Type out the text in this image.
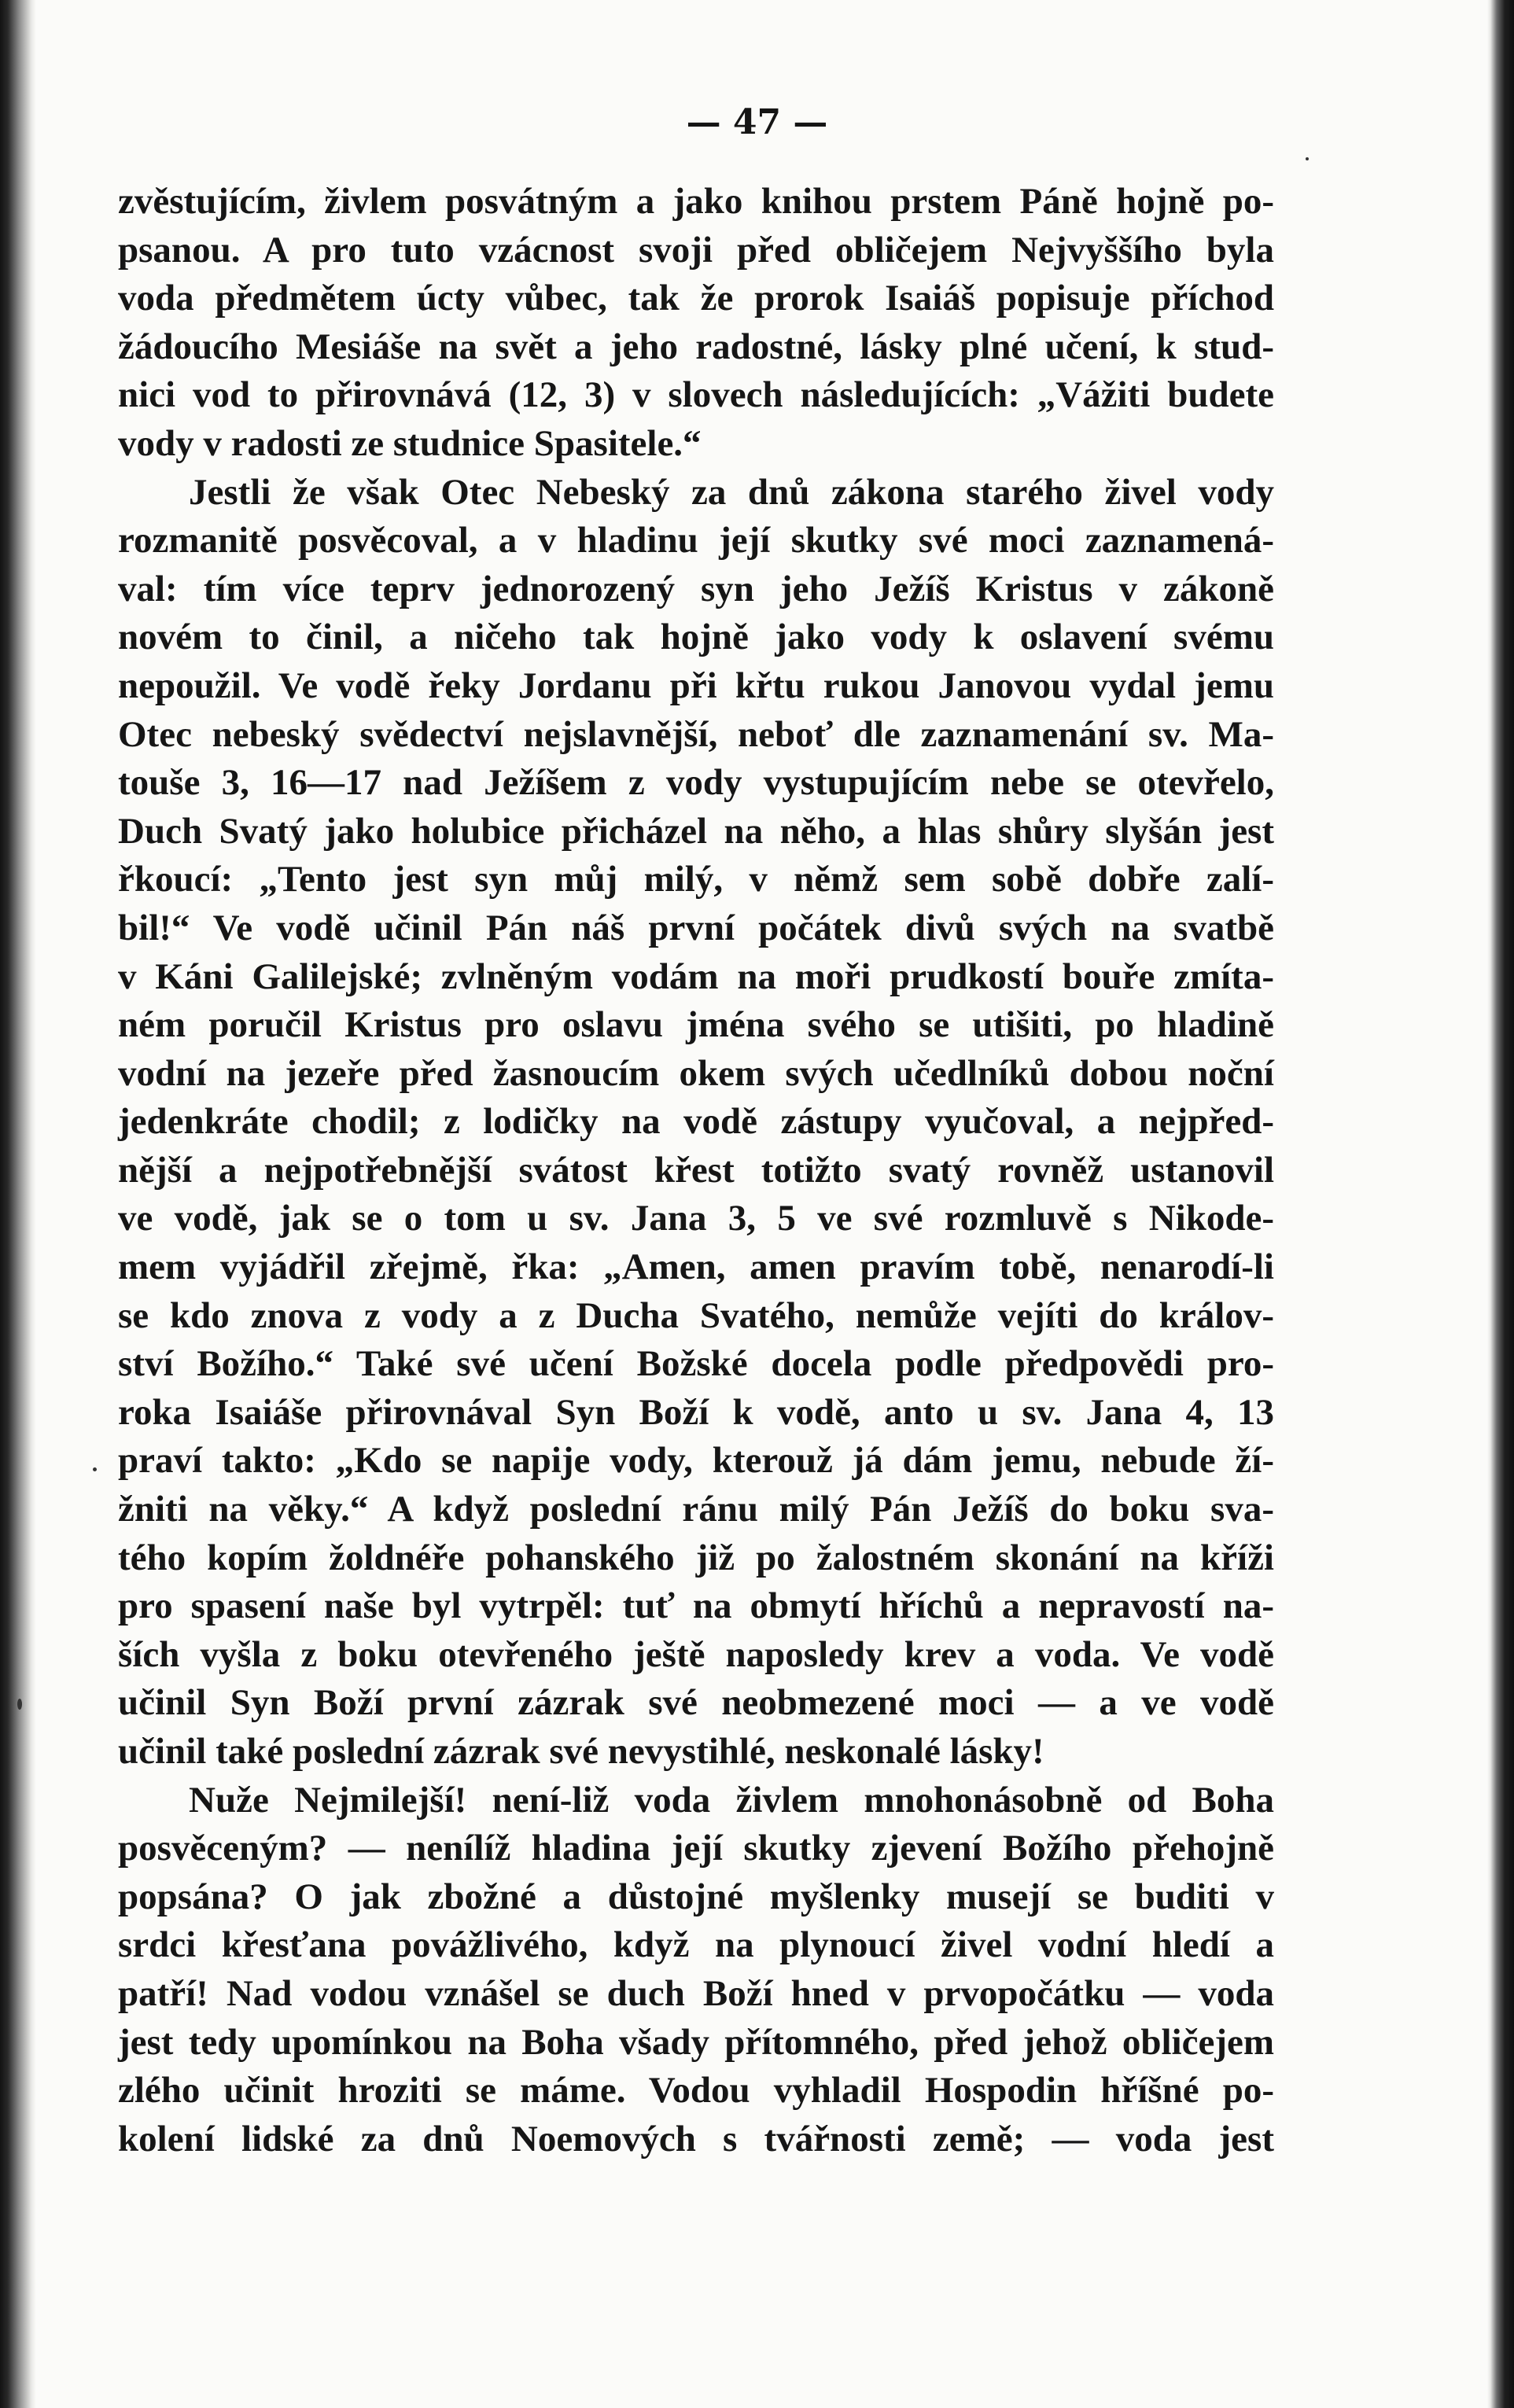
— 47 —
zvěstujícím, živlem posvátným a jako knihou prstem Páně hojně po-
psanou. A pro tuto vzácnost svoji před obličejem Nejvyššího byla
voda předmětem úcty vůbec, tak že prorok Isaiáš popisuje příchod
žádoucího Mesiáše na svět a jeho radostné, lásky plné učení, k stud-
nici vod to přirovnává (12, 3) v slovech následujících: „Vážiti budete
vody v radosti ze studnice Spasitele.“
Jestli že však Otec Nebeský za dnů zákona starého živel vody
rozmanitě posvěcoval, a v hladinu její skutky své moci zaznamená-
val: tím více teprv jednorozený syn jeho Ježíš Kristus v zákoně
novém to činil, a ničeho tak hojně jako vody k oslavení svému
nepoužil. Ve vodě řeky Jordanu při křtu rukou Janovou vydal jemu
Otec nebeský svědectví nejslavnější, neboť dle zaznamenání sv. Ma-
touše 3, 16—17 nad Ježíšem z vody vystupujícím nebe se otevřelo,
Duch Svatý jako holubice přicházel na něho, a hlas shůry slyšán jest
řkoucí: „Tento jest syn můj milý, v němž sem sobě dobře zalí-
bil!“ Ve vodě učinil Pán náš první počátek divů svých na svatbě
v Káni Galilejské; zvlněným vodám na moři prudkostí bouře zmíta-
ném poručil Kristus pro oslavu jména svého se utišiti, po hladině
vodní na jezeře před žasnoucím okem svých učedlníků dobou noční
jedenkráte chodil; z lodičky na vodě zástupy vyučoval, a nejpřed-
nější a nejpotřebnější svátost křest totižto svatý rovněž ustanovil
ve vodě, jak se o tom u sv. Jana 3, 5 ve své rozmluvě s Nikode-
mem vyjádřil zřejmě, řka: „Amen, amen pravím tobě, nenarodí-li
se kdo znova z vody a z Ducha Svatého, nemůže vejíti do králov-
ství Božího.“ Také své učení Božské docela podle předpovědi pro-
roka Isaiáše přirovnával Syn Boží k vodě, anto u sv. Jana 4, 13
praví takto: „Kdo se napije vody, kterouž já dám jemu, nebude ží-
žniti na věky.“ A když poslední ránu milý Pán Ježíš do boku sva-
tého kopím žoldnéře pohanského již po žalostném skonání na kříži
pro spasení naše byl vytrpěl: tuť na obmytí hříchů a nepravostí na-
ších vyšla z boku otevřeného ještě naposledy krev a voda. Ve vodě
učinil Syn Boží první zázrak své neobmezené moci — a ve vodě
učinil také poslední zázrak své nevystihlé, neskonalé lásky!
Nuže Nejmilejší! není-liž voda živlem mnohonásobně od Boha
posvěceným? — nenílíž hladina její skutky zjevení Božího přehojně
popsána? O jak zbožné a důstojné myšlenky musejí se buditi v
srdci křesťana povážlivého, když na plynoucí živel vodní hledí a
patří! Nad vodou vznášel se duch Boží hned v prvopočátku — voda
jest tedy upomínkou na Boha všady přítomného, před jehož obličejem
zlého učinit hroziti se máme. Vodou vyhladil Hospodin hříšné po-
kolení lidské za dnů Noemových s tvářnosti země; — voda jest
